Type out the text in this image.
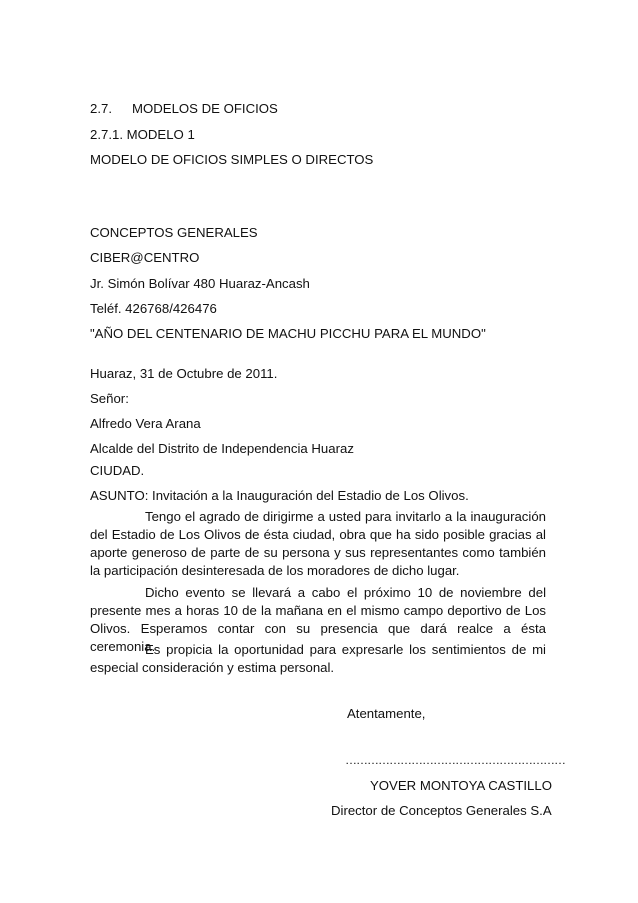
2.7. MODELOS DE OFICIOS
2.7.1. MODELO 1
MODELO DE OFICIOS SIMPLES O DIRECTOS
CONCEPTOS GENERALES
CIBER@CENTRO
Jr. Simón Bolívar 480 Huaraz-Ancash
Teléf. 426768/426476
"AÑO DEL CENTENARIO DE MACHU PICCHU PARA EL MUNDO"
Huaraz, 31 de Octubre de 2011.
Señor:
Alfredo Vera Arana
Alcalde del Distrito de Independencia Huaraz
CIUDAD.
ASUNTO: Invitación a la Inauguración del Estadio de Los Olivos.

Tengo el agrado de dirigirme a usted para invitarlo a la inauguración del Estadio de Los Olivos de ésta ciudad, obra que ha sido posible gracias al aporte generoso de parte de su persona y sus representantes como también la participación desinteresada de los moradores de dicho lugar.

Dicho evento se llevará a cabo el próximo 10 de noviembre del presente mes a horas 10 de la mañana en el mismo campo deportivo de Los Olivos. Esperamos contar con su presencia que dará realce a ésta ceremonia.

Es propicia la oportunidad para expresarle los sentimientos de mi especial consideración y estima personal.

Atentamente,
……………………………………………………
YOVER MONTOYA CASTILLO
Director de Conceptos Generales S.A
